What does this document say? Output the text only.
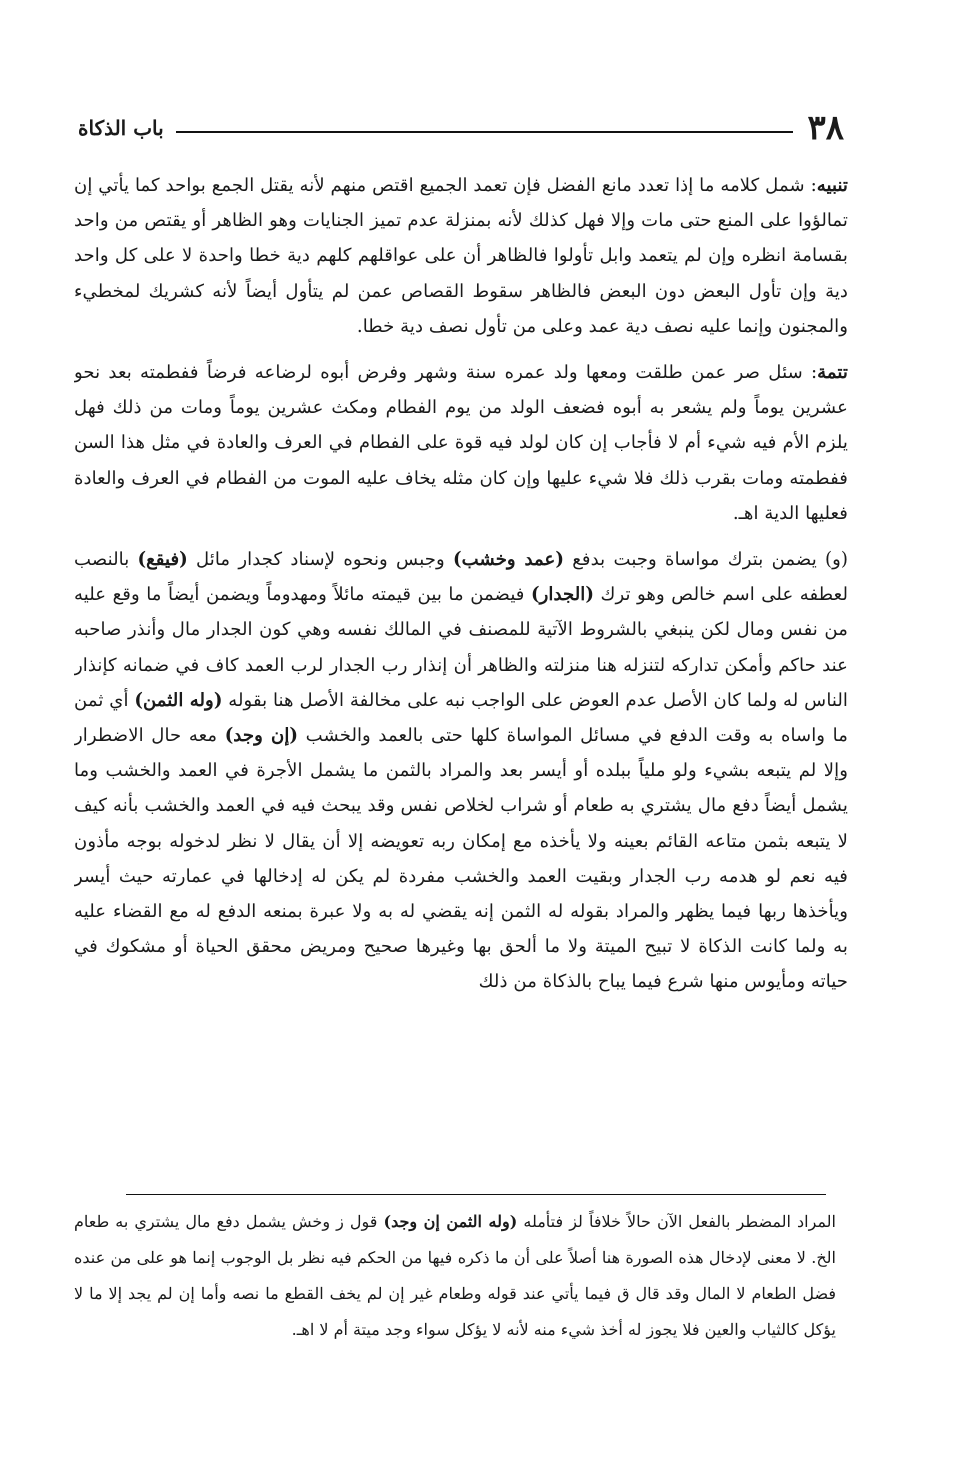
٣٨
باب الذكاة

تنبيه: شمل كلامه ما إذا تعدد مانع الفضل فإن تعمد الجميع اقتص منهم لأنه يقتل الجمع بواحد كما يأتي إن تمالؤوا على المنع حتى مات وإلا فهل كذلك لأنه بمنزلة عدم تميز الجنايات وهو الظاهر أو يقتص من واحد بقسامة انظره وإن لم يتعمد وابل تأولوا فالظاهر أن على عواقلهم كلهم دية خطا واحدة لا على كل واحد دية وإن تأول البعض دون البعض فالظاهر سقوط القصاص عمن لم يتأول أيضاً لأنه كشريك لمخطيء والمجنون وإنما عليه نصف دية عمد وعلى من تأول نصف دية خطا.

تتمة: سئل صر عمن طلقت ومعها ولد عمره سنة وشهر وفرض أبوه لرضاعه فرضاً ففطمته بعد نحو عشرين يوماً ولم يشعر به أبوه فضعف الولد من يوم الفطام ومكث عشرين يوماً ومات من ذلك فهل يلزم الأم فيه شيء أم لا فأجاب إن كان لولد فيه قوة على الفطام في العرف والعادة في مثل هذا السن ففطمته ومات بقرب ذلك فلا شيء عليها وإن كان مثله يخاف عليه الموت من الفطام في العرف والعادة فعليها الدية اهـ.

(و) يضمن بترك مواساة وجبت بدفع (عمد وخشب) وجبس ونحوه لإسناد كجدار مائل (فيقع) بالنصب لعطفه على اسم خالص وهو ترك (الجدار) فيضمن ما بين قيمته مائلاً ومهدوماً ويضمن أيضاً ما وقع عليه من نفس ومال لكن ينبغي بالشروط الآتية للمصنف في المالك نفسه وهي كون الجدار مال وأنذر صاحبه عند حاكم وأمكن تداركه لتنزله هنا منزلته والظاهر أن إنذار رب الجدار لرب العمد كاف في ضمانه كإنذار الناس له ولما كان الأصل عدم العوض على الواجب نبه على مخالفة الأصل هنا بقوله (وله الثمن) أي ثمن ما واساه به وقت الدفع في مسائل المواساة كلها حتى بالعمد والخشب (إن وجد) معه حال الاضطرار وإلا لم يتبعه بشيء ولو ملياً ببلده أو أيسر بعد والمراد بالثمن ما يشمل الأجرة في العمد والخشب وما يشمل أيضاً دفع مال يشتري به طعام أو شراب لخلاص نفس وقد يبحث فيه في العمد والخشب بأنه كيف لا يتبعه بثمن متاعه القائم بعينه ولا يأخذه مع إمكان ربه تعويضه إلا أن يقال لا نظر لدخوله بوجه مأذون فيه نعم لو هدمه رب الجدار وبقيت العمد والخشب مفردة لم يكن له إدخالها في عمارته حيث أيسر ويأخذها ربها فيما يظهر والمراد بقوله له الثمن إنه يقضي له به ولا عبرة بمنعه الدفع له مع القضاء عليه به ولما كانت الذكاة لا تبيح الميتة ولا ما ألحق بها وغيرها صحيح ومريض محقق الحياة أو مشكوك في حياته ومأيوس منها شرع فيما يباح بالذكاة من ذلك

المراد المضطر بالفعل الآن حالاً خلافاً لز فتأمله (وله الثمن إن وجد) قول ز وخش يشمل دفع مال يشتري به طعام الخ. لا معنى لإدخال هذه الصورة هنا أصلاً على أن ما ذكره فيها من الحكم فيه نظر بل الوجوب إنما هو على من عنده فضل الطعام لا المال وقد قال ق فيما يأتي عند قوله وطعام غير إن لم يخف القطع ما نصه وأما إن لم يجد إلا ما لا يؤكل كالثياب والعين فلا يجوز له أخذ شيء منه لأنه لا يؤكل سواء وجد ميتة أم لا اهـ.
